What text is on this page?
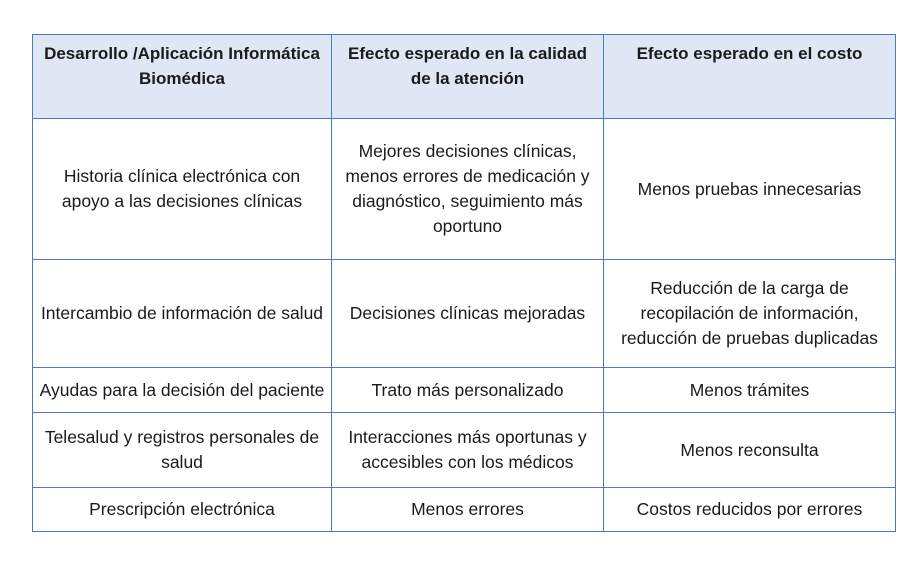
Desarrollo /Aplicación Informática Biomédica	Efecto esperado en la calidad de la atención	Efecto esperado en el costo
Historia clínica electrónica con apoyo a las decisiones clínicas	Mejores decisiones clínicas, menos errores de medicación y diagnóstico, seguimiento más oportuno	Menos pruebas innecesarias
Intercambio de información de salud	Decisiones clínicas mejoradas	Reducción de la carga de recopilación de información, reducción de pruebas duplicadas
Ayudas para la decisión del paciente	Trato más personalizado	Menos trámites
Telesalud y registros personales de salud	Interacciones más oportunas y accesibles con los médicos	Menos reconsulta
Prescripción electrónica	Menos errores	Costos reducidos por errores
